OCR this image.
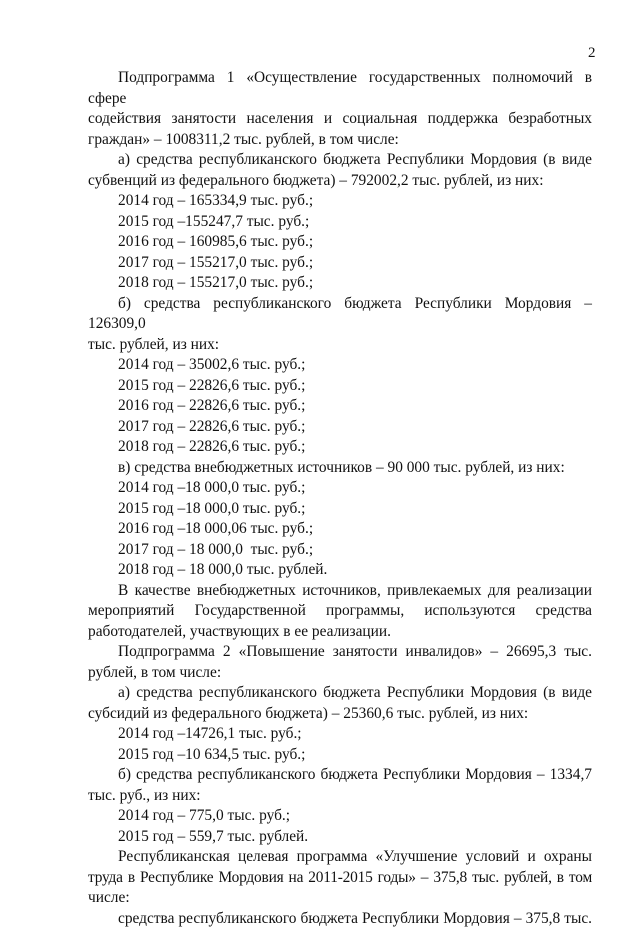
2

Подпрограмма 1 «Осуществление государственных полномочий в сфере

содействия занятости населения и социальная поддержка безработных

граждан» – 1008311,2 тыс. рублей, в том числе:

а) средства республиканского бюджета Республики Мордовия (в виде

субвенций из федерального бюджета) – 792002,2 тыс. рублей, из них:

2014 год – 165334,9 тыс. руб.;

2015 год –155247,7 тыс. руб.;

2016 год – 160985,6 тыс. руб.;

2017 год – 155217,0 тыс. руб.;

2018 год – 155217,0 тыс. руб.;

б) средства республиканского бюджета Республики Мордовия –126309,0

тыс. рублей, из них:

2014 год – 35002,6 тыс. руб.;

2015 год – 22826,6 тыс. руб.;

2016 год – 22826,6 тыс. руб.;

2017 год – 22826,6 тыс. руб.;

2018 год – 22826,6 тыс. руб.;

в) средства внебюджетных источников – 90 000 тыс. рублей, из них:

2014 год –18 000,0 тыс. руб.;

2015 год –18 000,0 тыс. руб.;

2016 год –18 000,06 тыс. руб.;

2017 год – 18 000,0  тыс. руб.;

2018 год – 18 000,0 тыс. рублей.

В качестве внебюджетных источников, привлекаемых для реализации

мероприятий Государственной программы, используются средства

работодателей, участвующих в ее реализации.

Подпрограмма 2 «Повышение занятости инвалидов» – 26695,3 тыс.

рублей, в том числе:

а) средства республиканского бюджета Республики Мордовия (в виде

субсидий из федерального бюджета) – 25360,6 тыс. рублей, из них:

2014 год –14726,1 тыс. руб.;

2015 год –10 634,5 тыс. руб.;

б) средства республиканского бюджета Республики Мордовия – 1334,7

тыс. руб., из них:

2014 год – 775,0 тыс. руб.;

2015 год – 559,7 тыс. рублей.

Республиканская целевая программа «Улучшение условий и охраны

труда в Республике Мордовия на 2011-2015 годы» – 375,8 тыс. рублей, в том

числе:

средства республиканского бюджета Республики Мордовия – 375,8 тыс.
